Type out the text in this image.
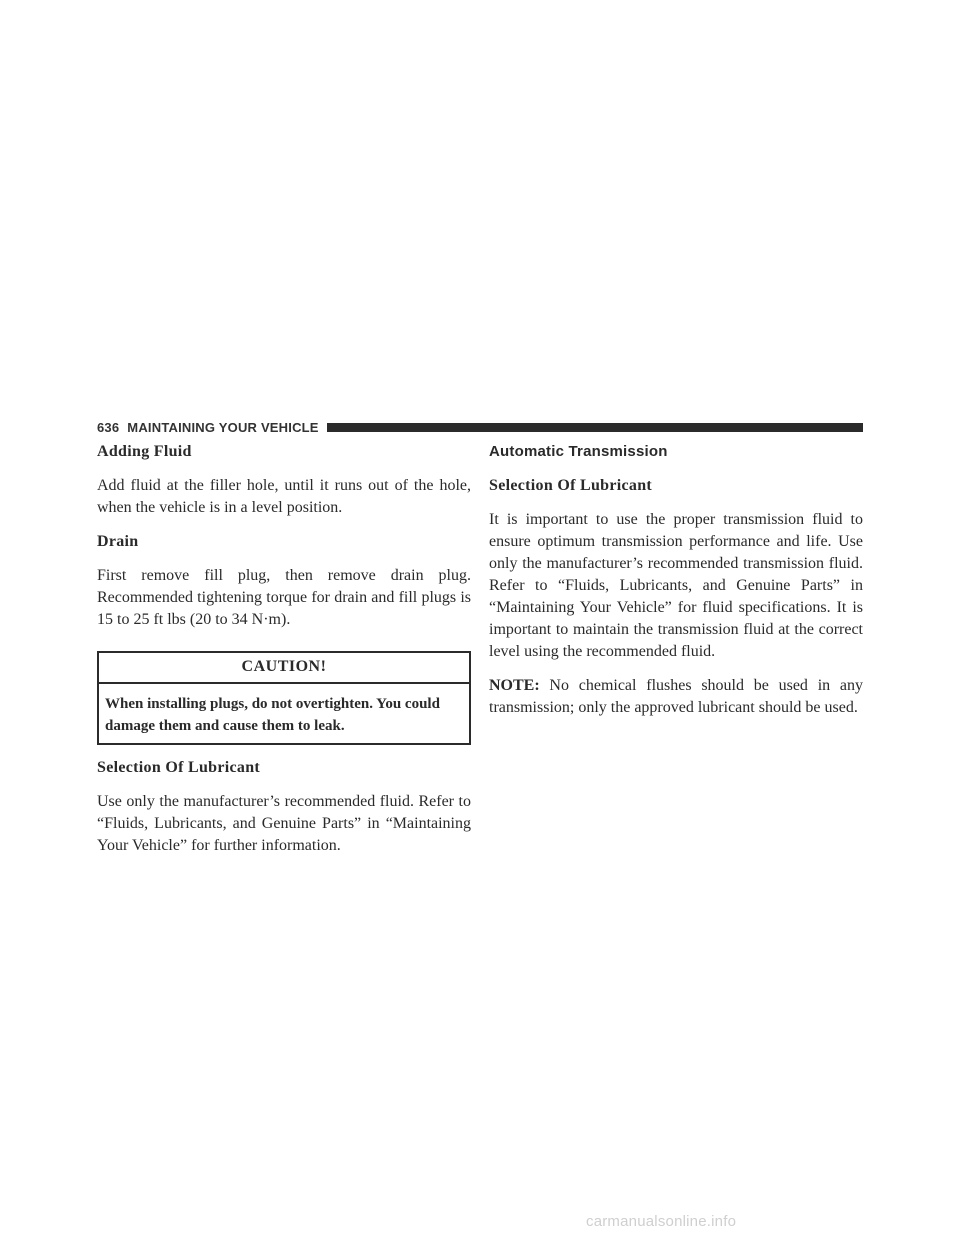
636 MAINTAINING YOUR VEHICLE
Adding Fluid

Add fluid at the filler hole, until it runs out of the hole, when the vehicle is in a level position.

Drain

First remove fill plug, then remove drain plug. Recommended tightening torque for drain and fill plugs is 15 to 25 ft lbs (20 to 34 N·m).

CAUTION!
When installing plugs, do not overtighten. You could damage them and cause them to leak.
Selection Of Lubricant

Use only the manufacturer’s recommended fluid. Refer to “Fluids, Lubricants, and Genuine Parts” in “Maintaining Your Vehicle” for further information.

Automatic Transmission
Selection Of Lubricant

It is important to use the proper transmission fluid to ensure optimum transmission performance and life. Use only the manufacturer’s recommended transmission fluid. Refer to “Fluids, Lubricants, and Genuine Parts” in “Maintaining Your Vehicle” for fluid specifications. It is important to maintain the transmission fluid at the correct level using the recommended fluid.

NOTE: No chemical flushes should be used in any transmission; only the approved lubricant should be used.

carmanualsonline.info
